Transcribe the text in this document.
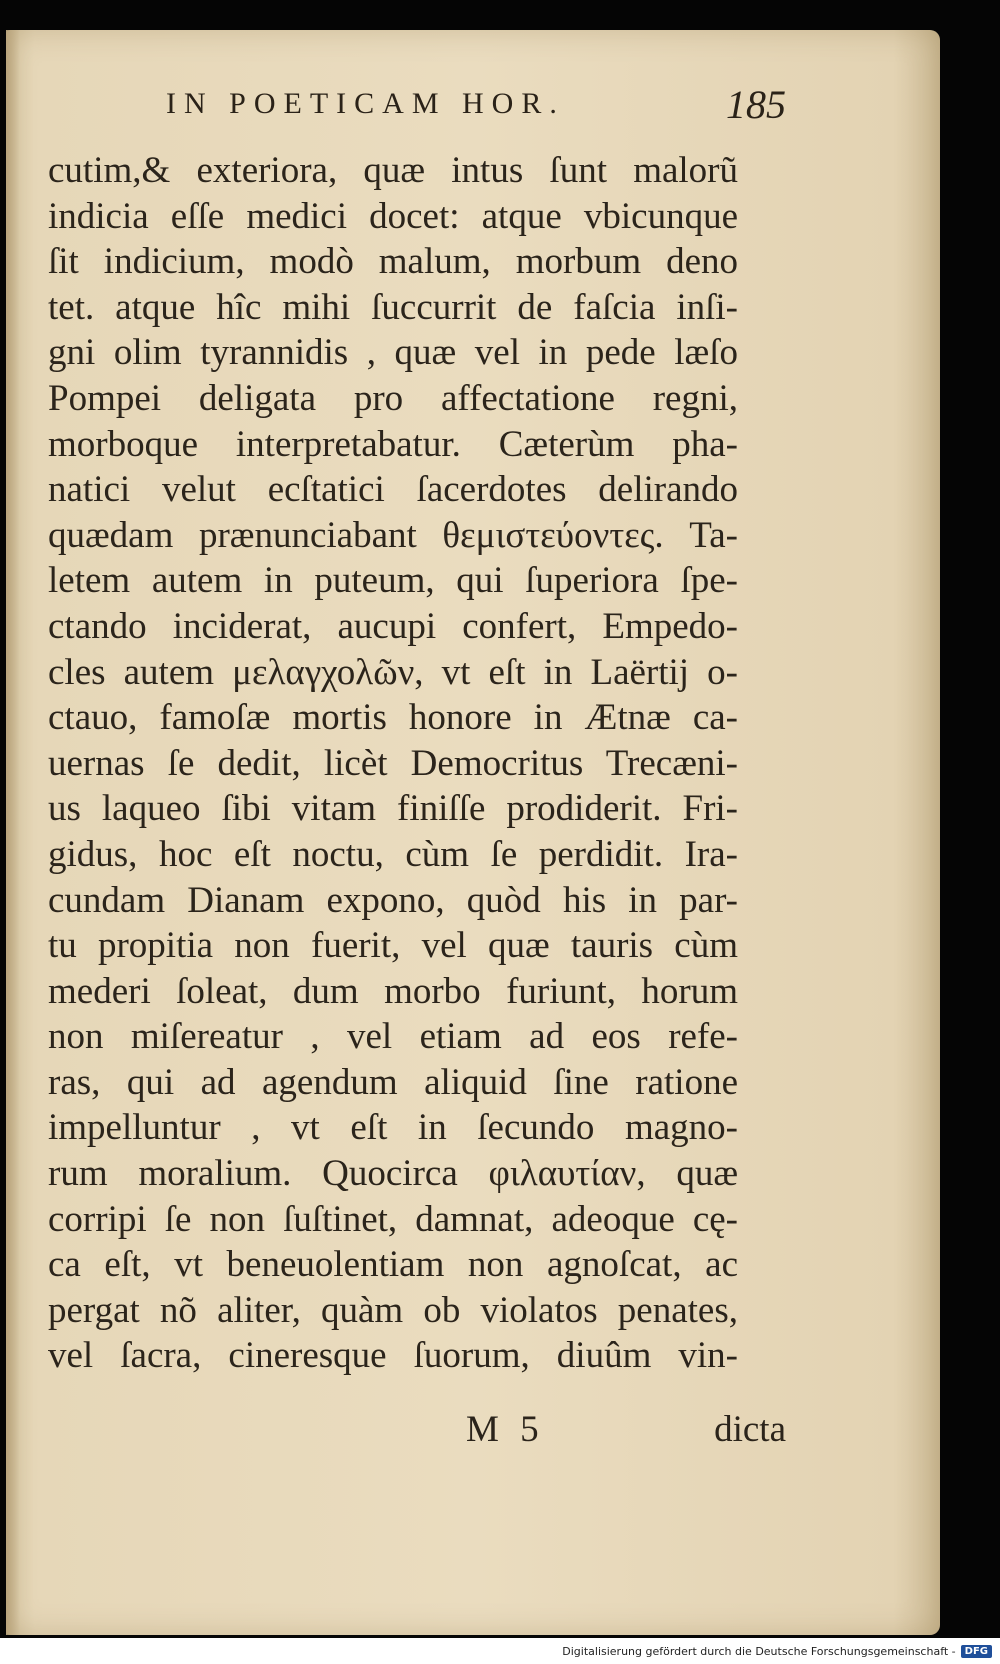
IN POETICAM HOR.	185
cutim,& exteriora, quæ intus ſunt malorũ
indicia eſſe medici docet: atque vbicunque
ſit indicium, modò malum, morbum deno
tet. atque hîc mihi ſuccurrit de faſcia inſi-
gni olim tyrannidis , quæ vel in pede læſo
Pompei deligata pro affectatione regni,
morboque interpretabatur. Cæterùm pha-
natici velut ecſtatici ſacerdotes delirando
quædam prænunciabant θεμιστεύοντες. Ta-
letem autem in puteum, qui ſuperiora ſpe-
ctando inciderat, aucupi confert, Empedo-
cles autem μελαγχολῶν, vt eſt in Laërtij o-
ctauo, famoſæ mortis honore in Ætnæ ca-
uernas ſe dedit, licèt Democritus Trecæni-
us laqueo ſibi vitam finiſſe prodiderit. Fri-
gidus, hoc eſt noctu, cùm ſe perdidit. Ira-
cundam Dianam expono, quòd his in par-
tu propitia non fuerit, vel quæ tauris cùm
mederi ſoleat, dum morbo furiunt, horum
non miſereatur , vel etiam ad eos refe-
ras, qui ad agendum aliquid ſine ratione
impelluntur , vt eſt in ſecundo magno-
rum moralium. Quocirca φιλαυτίαν, quæ
corripi ſe non ſuſtinet, damnat, adeoque cę-
ca eſt, vt beneuolentiam non agnoſcat, ac
pergat nõ aliter, quàm ob violatos penates,
vel ſacra, cineresque ſuorum, diuûm vin-
M 5	dicta
Digitalisierung gefördert durch die Deutsche Forschungsgemeinschaft - DFG
